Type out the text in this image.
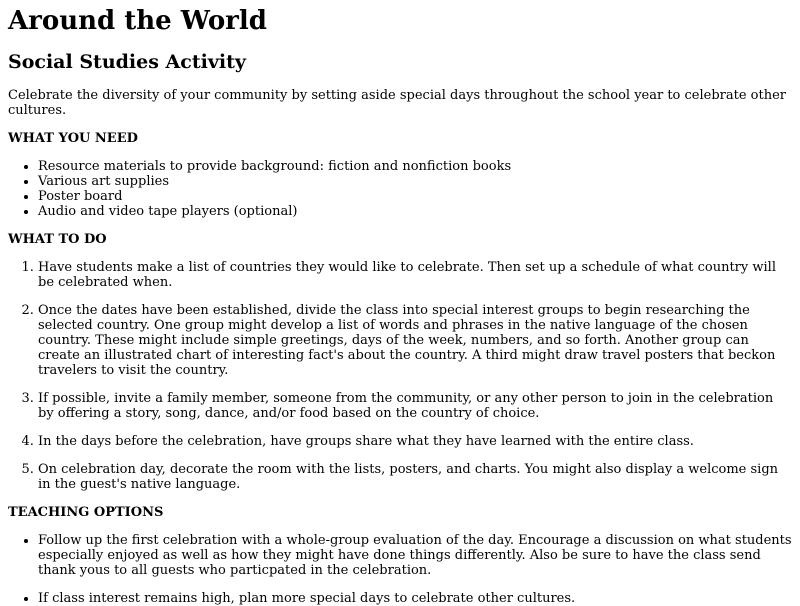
Around the World
Social Studies Activity

Celebrate the diversity of your community by setting aside special days throughout the school year to celebrate other cultures.

WHAT YOU NEED
• Resource materials to provide background: fiction and nonfiction books
• Various art supplies
• Poster board
• Audio and video tape players (optional)
WHAT TO DO
1. Have students make a list of countries they would like to celebrate. Then set up a schedule of what country will be celebrated when.
2. Once the dates have been established, divide the class into special interest groups to begin researching the selected country. One group might develop a list of words and phrases in the native language of the chosen country. These might include simple greetings, days of the week, numbers, and so forth. Another group can create an illustrated chart of interesting fact's about the country. A third might draw travel posters that beckon travelers to visit the country.
3. If possible, invite a family member, someone from the community, or any other person to join in the celebration by offering a story, song, dance, and/or food based on the country of choice.
4. In the days before the celebration, have groups share what they have learned with the entire class.
5. On celebration day, decorate the room with the lists, posters, and charts. You might also display a welcome sign in the guest's native language.
TEACHING OPTIONS
• Follow up the first celebration with a whole-group evaluation of the day. Encourage a discussion on what students especially enjoyed as well as how they might have done things differently. Also be sure to have the class send thank yous to all guests who particpated in the celebration.
• If class interest remains high, plan more special days to celebrate other cultures.
